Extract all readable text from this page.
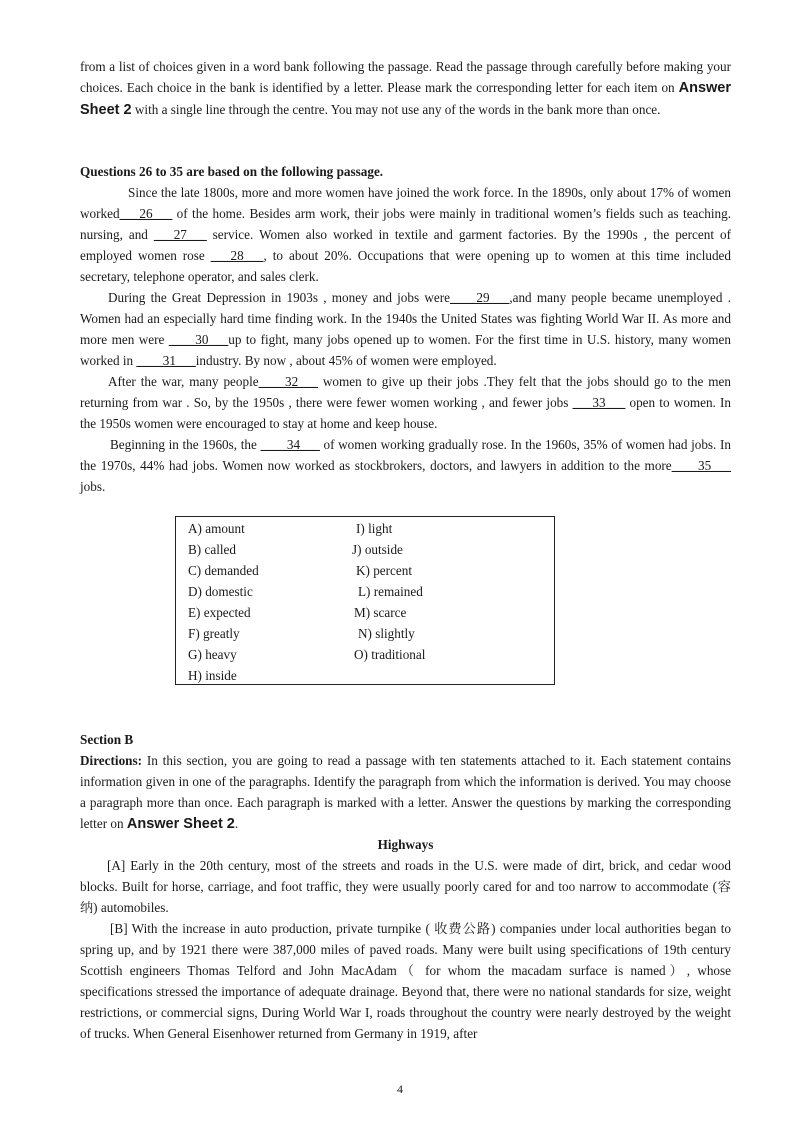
from a list of choices given in a word bank following the passage. Read the passage through carefully before making your choices. Each choice in the bank is identified by a letter. Please mark the corresponding letter for each item on Answer Sheet 2 with a single line through the centre. You may not use any of the words in the bank more than once.

Questions 26 to 35 are based on the following passage.

Since the late 1800s, more and more women have joined the work force. In the 1890s, only about 17% of women worked___26___ of the home. Besides arm work, their jobs were mainly in traditional women’s fields such as teaching. nursing, and ___27___ service. Women also worked in textile and garment factories. By the 1990s , the percent of employed women rose ___28___, to about 20%. Occupations that were opening up to women at this time included secretary, telephone operator, and sales clerk.

During the Great Depression in 1903s , money and jobs were____29___,and many people became unemployed . Women had an especially hard time finding work. In the 1940s the United States was fighting World War II. As more and more men were ____30___up to fight, many jobs opened up to women. For the first time in U.S. history, many women worked in ____31___industry. By now , about 45% of women were employed.

After the war, many people____32___ women to give up their jobs .They felt that the jobs should go to the men returning from war . So, by the 1950s , there were fewer women working , and fewer jobs ___33___ open to women. In the 1950s women were encouraged to stay at home and keep house.

Beginning in the 1960s, the ____34___ of women working gradually rose. In the 1960s, 35% of women had jobs. In the 1970s, 44% had jobs. Women now worked as stockbrokers, doctors, and lawyers in addition to the more____35___ jobs.

A) amount
B) called
C) demanded
D) domestic
E) expected
F) greatly
G) heavy
H) inside
I) light
J) outside
K) percent
L) remained
M) scarce
N) slightly
O) traditional

Section B

Directions: In this section, you are going to read a passage with ten statements attached to it. Each statement contains information given in one of the paragraphs. Identify the paragraph from which the information is derived. You may choose a paragraph more than once. Each paragraph is marked with a letter. Answer the questions by marking the corresponding letter on Answer Sheet 2.

Highways

[A] Early in the 20th century, most of the streets and roads in the U.S. were made of dirt, brick, and cedar wood blocks. Built for horse, carriage, and foot traffic, they were usually poorly cared for and too narrow to accommodate (容纳) automobiles.

[B] With the increase in auto production, private turnpike ( 收费公路) companies under local authorities began to spring up, and by 1921 there were 387,000 miles of paved roads. Many were built using specifications of 19th century Scottish engineers Thomas Telford and John MacAdam（ for whom the macadam surface is named）, whose specifications stressed the importance of adequate drainage. Beyond that, there were no national standards for size, weight restrictions, or commercial signs, During World War I, roads throughout the country were nearly destroyed by the weight of trucks. When General Eisenhower returned from Germany in 1919, after

4
